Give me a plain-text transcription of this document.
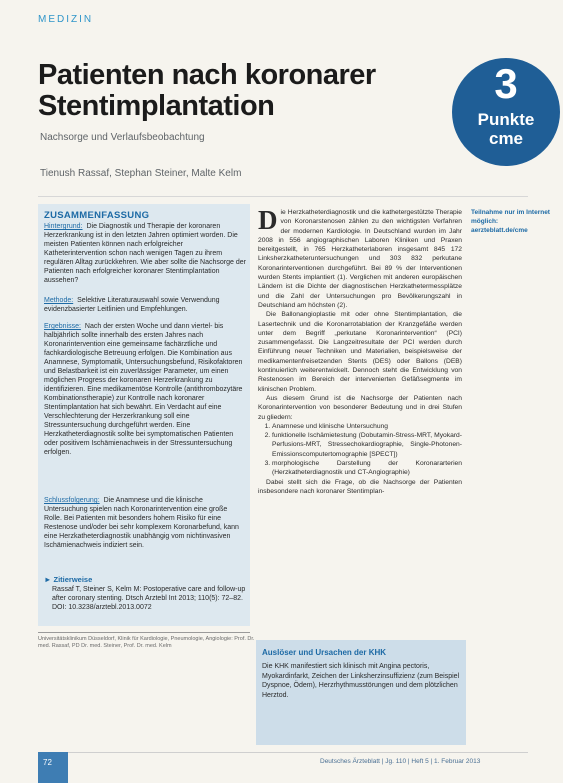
MEDIZIN
Patienten nach koronarer Stentimplantation
Nachsorge und Verlaufsbeobachtung
Tienush Rassaf, Stephan Steiner, Malte Kelm
3
Punkte
cme
ZUSAMMENFASSUNG
Hintergrund: Die Diagnostik und Therapie der koronaren Herzerkrankung ist in den letzten Jahren optimiert worden. Die meisten Patienten können nach erfolgreicher Katheterintervention schon nach wenigen Tagen zu ihrem regulären Alltag zurückkehren. Wie aber sollte die Nachsorge der Patienten nach erfolgreicher koronarer Stentimplantation aussehen?
Methode: Selektive Literaturauswahl sowie Verwendung evidenzbasierter Leitlinien und Empfehlungen.
Ergebnisse: Nach der ersten Woche und dann viertel- bis halbjährlich sollte innerhalb des ersten Jahres nach Koronarintervention eine gemeinsame fachärztliche und fachkardiologische Betreuung erfolgen. Die Kombination aus Anamnese, Symptomatik, Untersuchungsbefund, Risikofaktoren und Belastbarkeit ist ein zuverlässiger Parameter, um einen möglichen Progress der koronaren Herzerkrankung zu identifizieren. Eine medikamentöse Kontrolle (antithrombozytäre Kombinationstherapie) zur Kontrolle nach koronarer Stentimplantation hat sich bewährt. Ein Verdacht auf eine Verschlechterung der Herzerkrankung soll eine Stressuntersuchung durchgeführt werden. Eine Herzkatheterdiagnostik sollte bei symptomatischen Patienten oder positivem Ischämienachweis in der Stressuntersuchung erfolgen.
Schlussfolgerung: Die Anamnese und die klinische Untersuchung spielen nach Koronarintervention eine große Rolle. Bei Patienten mit besonders hohem Risiko für eine Restenose und/oder bei sehr komplexem Koronarbefund, kann eine Herzkatheterdiagnostik unabhängig vom nichtinvasiven Ischämienachweis indiziert sein.
► Zitierweise
Rassaf T, Steiner S, Kelm M: Postoperative care and follow-up after coronary stenting. Dtsch Arztebl Int 2013; 110(5): 72–82. DOI: 10.3238/arztebl.2013.0072
Universitätsklinikum Düsseldorf, Klinik für Kardiologie, Pneumologie, Angiologie: Prof. Dr. med. Rassaf, PD Dr. med. Steiner, Prof. Dr. med. Kelm

Die Herzkatheterdiagnostik und die kathetergestützte Therapie von Koronarstenosen zählen zu den wichtigsten Verfahren der modernen Kardiologie. In Deutschland wurden im Jahr 2008 in 556 angiographischen Laboren Kliniken und Praxen bereitgestellt, in 765 Herzkatheterlaboren insgesamt 845 172 Linksherzkatheteruntersuchungen und 303 832 perkutane Koronarinterventionen durchgeführt. Bei 89 % der Interventionen wurden Stents implantiert (1). Verglichen mit anderen europäischen Ländern ist die Dichte der diagnostischen Herzkathetermessplätze und die Zahl der Untersuchungen pro Bevölkerungszahl in Deutschland am höchsten (2).

Die Ballonangioplastie mit oder ohne Stentimplantation, die Lasertechnik und die Koronarrotablation der Kranzgefäße werden unter dem Begriff „perkutane Koronarintervention“ (PCI) zusammengefasst. Die Langzeitresultate der PCI werden durch Einführung neuer Techniken und Materialien, beispielsweise der medikamentenfreisetzenden Stents (DES) oder Ballons (DEB) kontinuierlich weiterentwickelt. Dennoch steht die Entwicklung von Restenosen im Bereich der intervenierten Gefäßsegmente im klinischen Problem.

Aus diesem Grund ist die Nachsorge der Patienten nach Koronarintervention von besonderer Bedeutung und in drei Stufen zu gliedern:

1. Anamnese und klinische Untersuchung
2. funktionelle Ischämietestung (Dobutamin-Stress-MRT, Myokard-Perfusions-MRT, Stressechokardiographie, Single-Photonen-Emissionscomputertomographie [SPECT])
3. morphologische Darstellung der Koronararterien (Herzkatheterdiagnostik und CT-Angiographie)

Dabei stellt sich die Frage, ob die Nachsorge der Patienten insbesondere nach koronarer Stentimplan-

Teilnahme nur im Internet möglich: aerzteblatt.de/cme
Auslöser und Ursachen der KHK
Die KHK manifestiert sich klinisch mit Angina pectoris, Myokardinfarkt, Zeichen der Linksherzinsuffizienz (zum Beispiel Dyspnoe, Ödem), Herzrhythmusstörungen und dem plötzlichen Herztod.
72	Deutsches Ärzteblatt | Jg. 110 | Heft 5 | 1. Februar 2013
